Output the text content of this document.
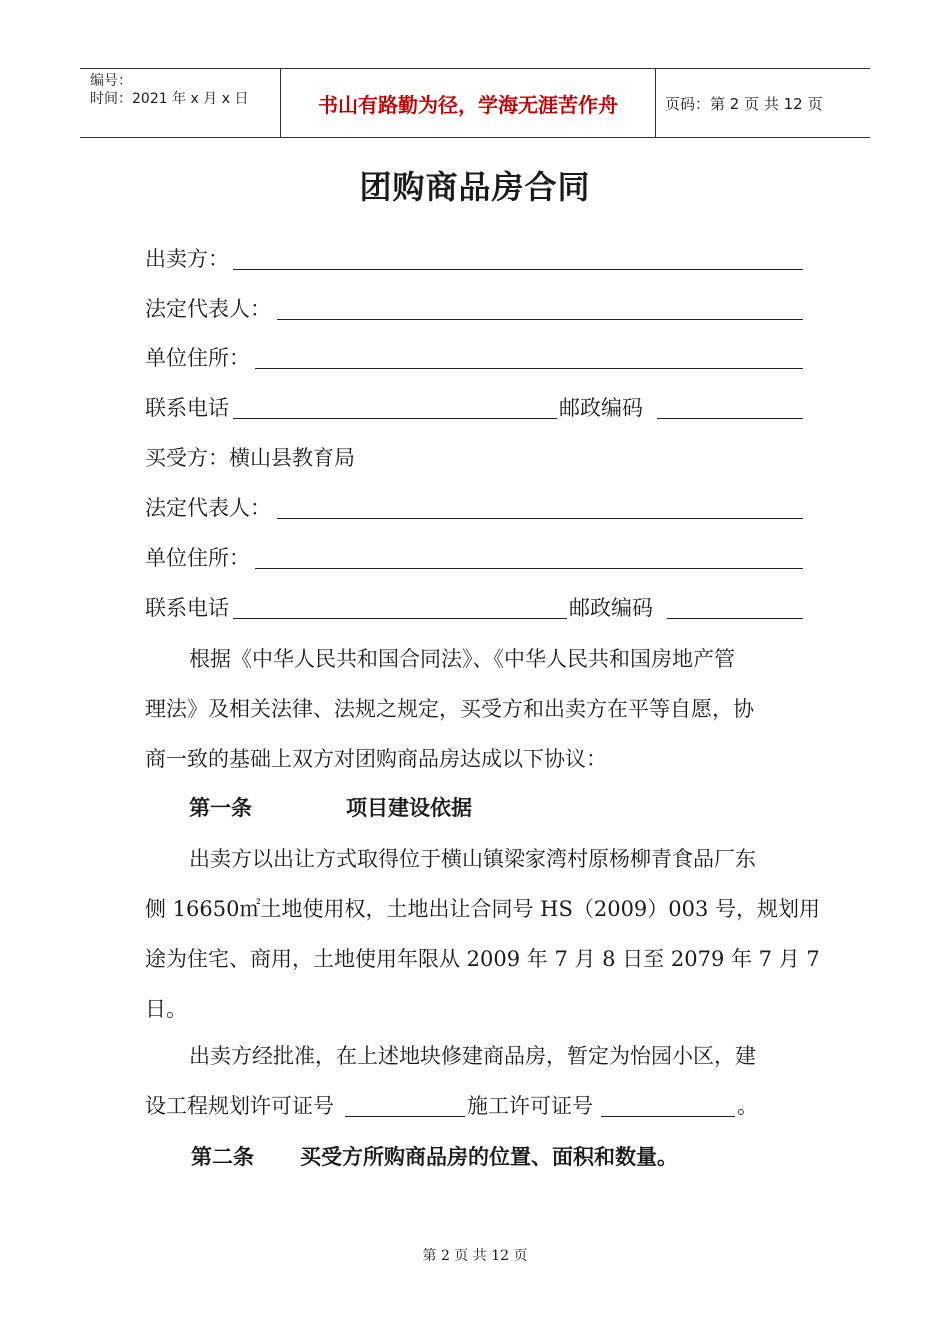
编号：
时间：2021 年 x 月 x 日	书山有路勤为径，学海无涯苦作舟	页码：第 2 页 共 12 页
团购商品房合同
出卖方：
法定代表人：
单位住所：
联系电话	邮政编码
买受方：横山县教育局
法定代表人：
单位住所：
联系电话	邮政编码
根据《中华人民共和国合同法》、《中华人民共和国房地产管
理法》及相关法律、法规之规定，买受方和出卖方在平等自愿，协
商一致的基础上双方对团购商品房达成以下协议：
第一条	项目建设依据
出卖方以出让方式取得位于横山镇梁家湾村原杨柳青食品厂东
侧 16650㎡土地使用权，土地出让合同号 HS（2009）003 号，规划用
途为住宅、商用，土地使用年限从 2009 年 7 月 8 日至 2079 年 7 月 7
日。
出卖方经批准，在上述地块修建商品房，暂定为怡园小区，建
设工程规划许可证号	施工许可证号	。
第二条 买受方所购商品房的位置、面积和数量。
第 2 页 共 12 页
